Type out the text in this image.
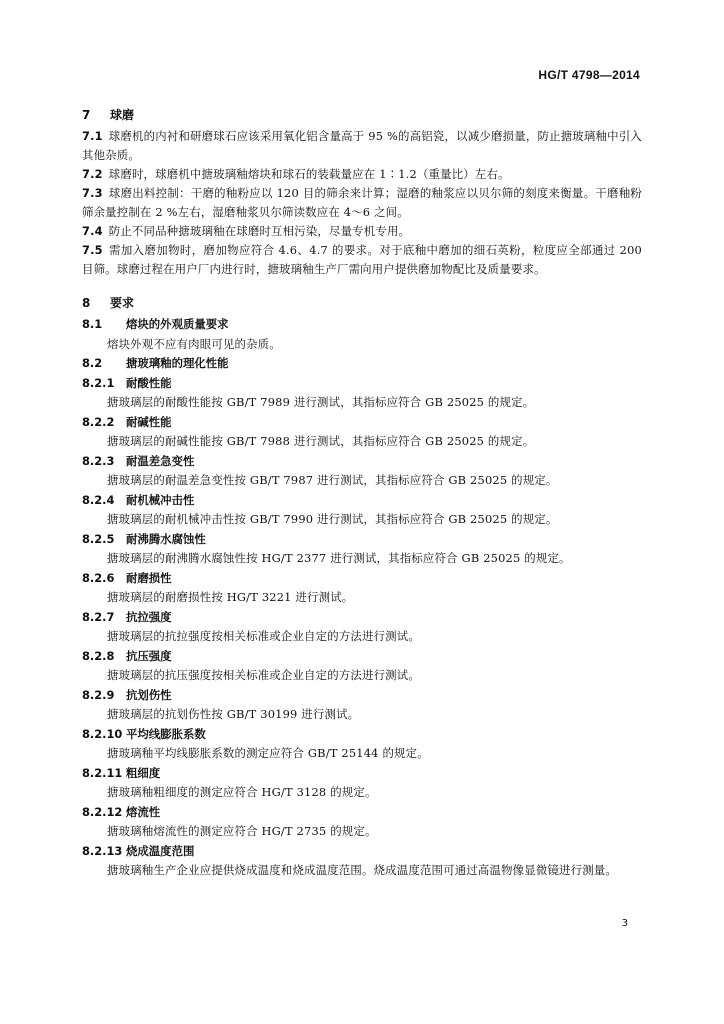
HG/T 4798—2014
7 球磨
7.1 球磨机的内衬和研磨球石应该采用氧化铝含量高于 95 %的高铝瓷，以减少磨损量，防止搪玻璃釉中引入其他杂质。
7.2 球磨时，球磨机中搪玻璃釉熔块和球石的装载量应在 1∶1.2（重量比）左右。
7.3 球磨出料控制：干磨的釉粉应以 120 目的筛余来计算；湿磨的釉浆应以贝尔筛的刻度来衡量。干磨釉粉筛余量控制在 2 %左右，湿磨釉浆贝尔筛读数应在 4～6 之间。
7.4 防止不同品种搪玻璃釉在球磨时互相污染，尽量专机专用。
7.5 需加入磨加物时，磨加物应符合 4.6、4.7 的要求。对于底釉中磨加的细石英粉，粒度应全部通过 200 目筛。球磨过程在用户厂内进行时，搪玻璃釉生产厂需向用户提供磨加物配比及质量要求。
8 要求
8.1 熔块的外观质量要求
熔块外观不应有肉眼可见的杂质。
8.2 搪玻璃釉的理化性能
8.2.1 耐酸性能
搪玻璃层的耐酸性能按 GB/T 7989 进行测试，其指标应符合 GB 25025 的规定。
8.2.2 耐碱性能
搪玻璃层的耐碱性能按 GB/T 7988 进行测试，其指标应符合 GB 25025 的规定。
8.2.3 耐温差急变性
搪玻璃层的耐温差急变性按 GB/T 7987 进行测试，其指标应符合 GB 25025 的规定。
8.2.4 耐机械冲击性
搪玻璃层的耐机械冲击性按 GB/T 7990 进行测试，其指标应符合 GB 25025 的规定。
8.2.5 耐沸腾水腐蚀性
搪玻璃层的耐沸腾水腐蚀性按 HG/T 2377 进行测试，其指标应符合 GB 25025 的规定。
8.2.6 耐磨损性
搪玻璃层的耐磨损性按 HG/T 3221 进行测试。
8.2.7 抗拉强度
搪玻璃层的抗拉强度按相关标准或企业自定的方法进行测试。
8.2.8 抗压强度
搪玻璃层的抗压强度按相关标准或企业自定的方法进行测试。
8.2.9 抗划伤性
搪玻璃层的抗划伤性按 GB/T 30199 进行测试。
8.2.10 平均线膨胀系数
搪玻璃釉平均线膨胀系数的测定应符合 GB/T 25144 的规定。
8.2.11 粗细度
搪玻璃釉粗细度的测定应符合 HG/T 3128 的规定。
8.2.12 熔流性
搪玻璃釉熔流性的测定应符合 HG/T 2735 的规定。
8.2.13 烧成温度范围
搪玻璃釉生产企业应提供烧成温度和烧成温度范围。烧成温度范围可通过高温物像显微镜进行测量。
3
